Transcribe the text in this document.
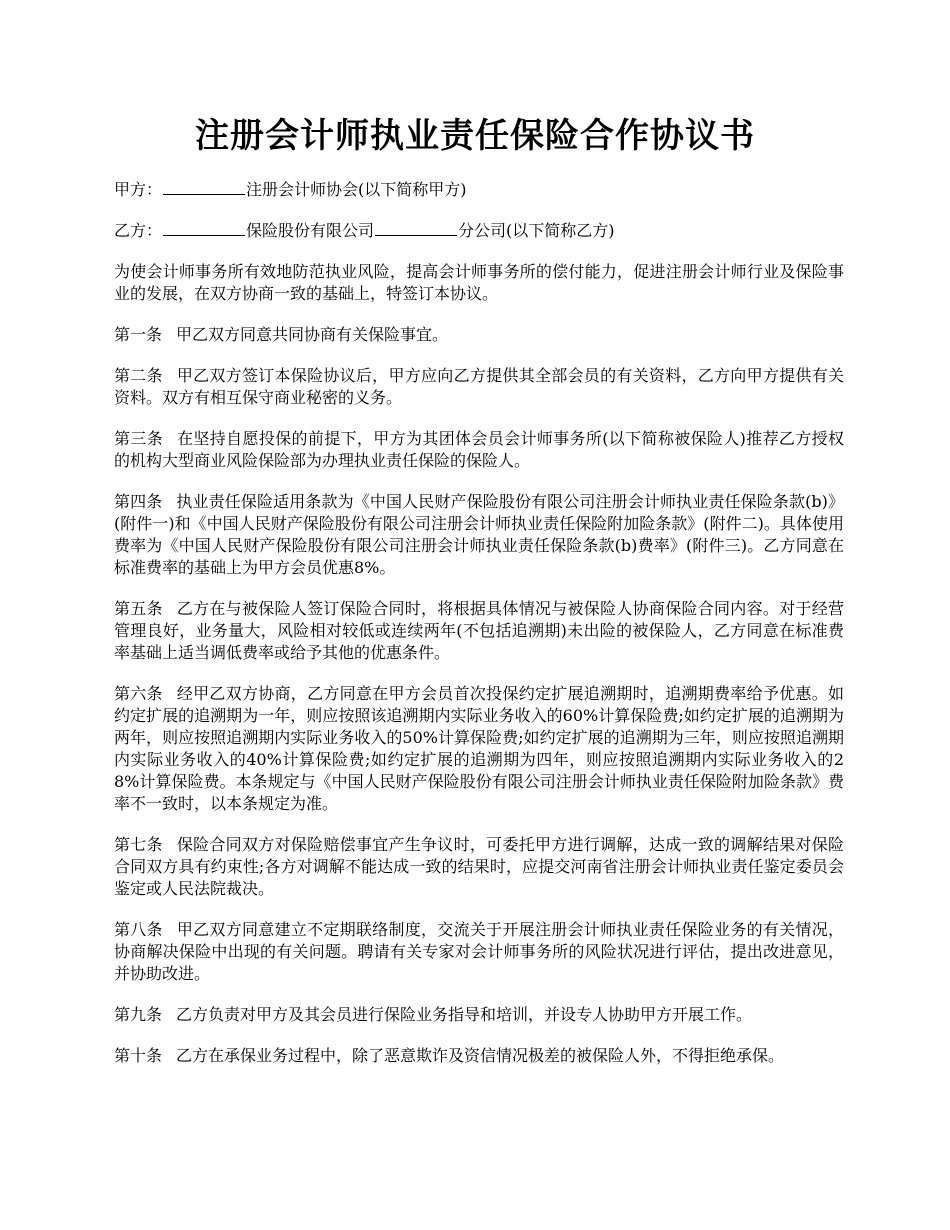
注册会计师执业责任保险合作协议书

甲方：	注册会计师协会(以下简称甲方)

乙方：	保险股份有限公司	分公司(以下简称乙方)

为使会计师事务所有效地防范执业风险，提高会计师事务所的偿付能力，促进注册会计师行业及保险事业的发展，在双方协商一致的基础上，特签订本协议。

第一条 甲乙双方同意共同协商有关保险事宜。

第二条 甲乙双方签订本保险协议后，甲方应向乙方提供其全部会员的有关资料，乙方向甲方提供有关资料。双方有相互保守商业秘密的义务。

第三条 在坚持自愿投保的前提下，甲方为其团体会员会计师事务所(以下简称被保险人)推荐乙方授权的机构大型商业风险保险部为办理执业责任保险的保险人。

第四条 执业责任保险适用条款为《中国人民财产保险股份有限公司注册会计师执业责任保险条款(b)》(附件一)和《中国人民财产保险股份有限公司注册会计师执业责任保险附加险条款》(附件二)。具体使用费率为《中国人民财产保险股份有限公司注册会计师执业责任保险条款(b)费率》(附件三)。乙方同意在标准费率的基础上为甲方会员优惠8%。

第五条 乙方在与被保险人签订保险合同时，将根据具体情况与被保险人协商保险合同内容。对于经营管理良好，业务量大，风险相对较低或连续两年(不包括追溯期)未出险的被保险人，乙方同意在标准费率基础上适当调低费率或给予其他的优惠条件。

第六条 经甲乙双方协商，乙方同意在甲方会员首次投保约定扩展追溯期时，追溯期费率给予优惠。如约定扩展的追溯期为一年，则应按照该追溯期内实际业务收入的60%计算保险费;如约定扩展的追溯期为两年，则应按照追溯期内实际业务收入的50%计算保险费;如约定扩展的追溯期为三年，则应按照追溯期内实际业务收入的40%计算保险费;如约定扩展的追溯期为四年，则应按照追溯期内实际业务收入的28%计算保险费。本条规定与《中国人民财产保险股份有限公司注册会计师执业责任保险附加险条款》费率不一致时，以本条规定为准。

第七条 保险合同双方对保险赔偿事宜产生争议时，可委托甲方进行调解，达成一致的调解结果对保险合同双方具有约束性;各方对调解不能达成一致的结果时，应提交河南省注册会计师执业责任鉴定委员会鉴定或人民法院裁决。

第八条 甲乙双方同意建立不定期联络制度，交流关于开展注册会计师执业责任保险业务的有关情况，协商解决保险中出现的有关问题。聘请有关专家对会计师事务所的风险状况进行评估，提出改进意见，并协助改进。

第九条 乙方负责对甲方及其会员进行保险业务指导和培训，并设专人协助甲方开展工作。

第十条 乙方在承保业务过程中，除了恶意欺诈及资信情况极差的被保险人外，不得拒绝承保。
